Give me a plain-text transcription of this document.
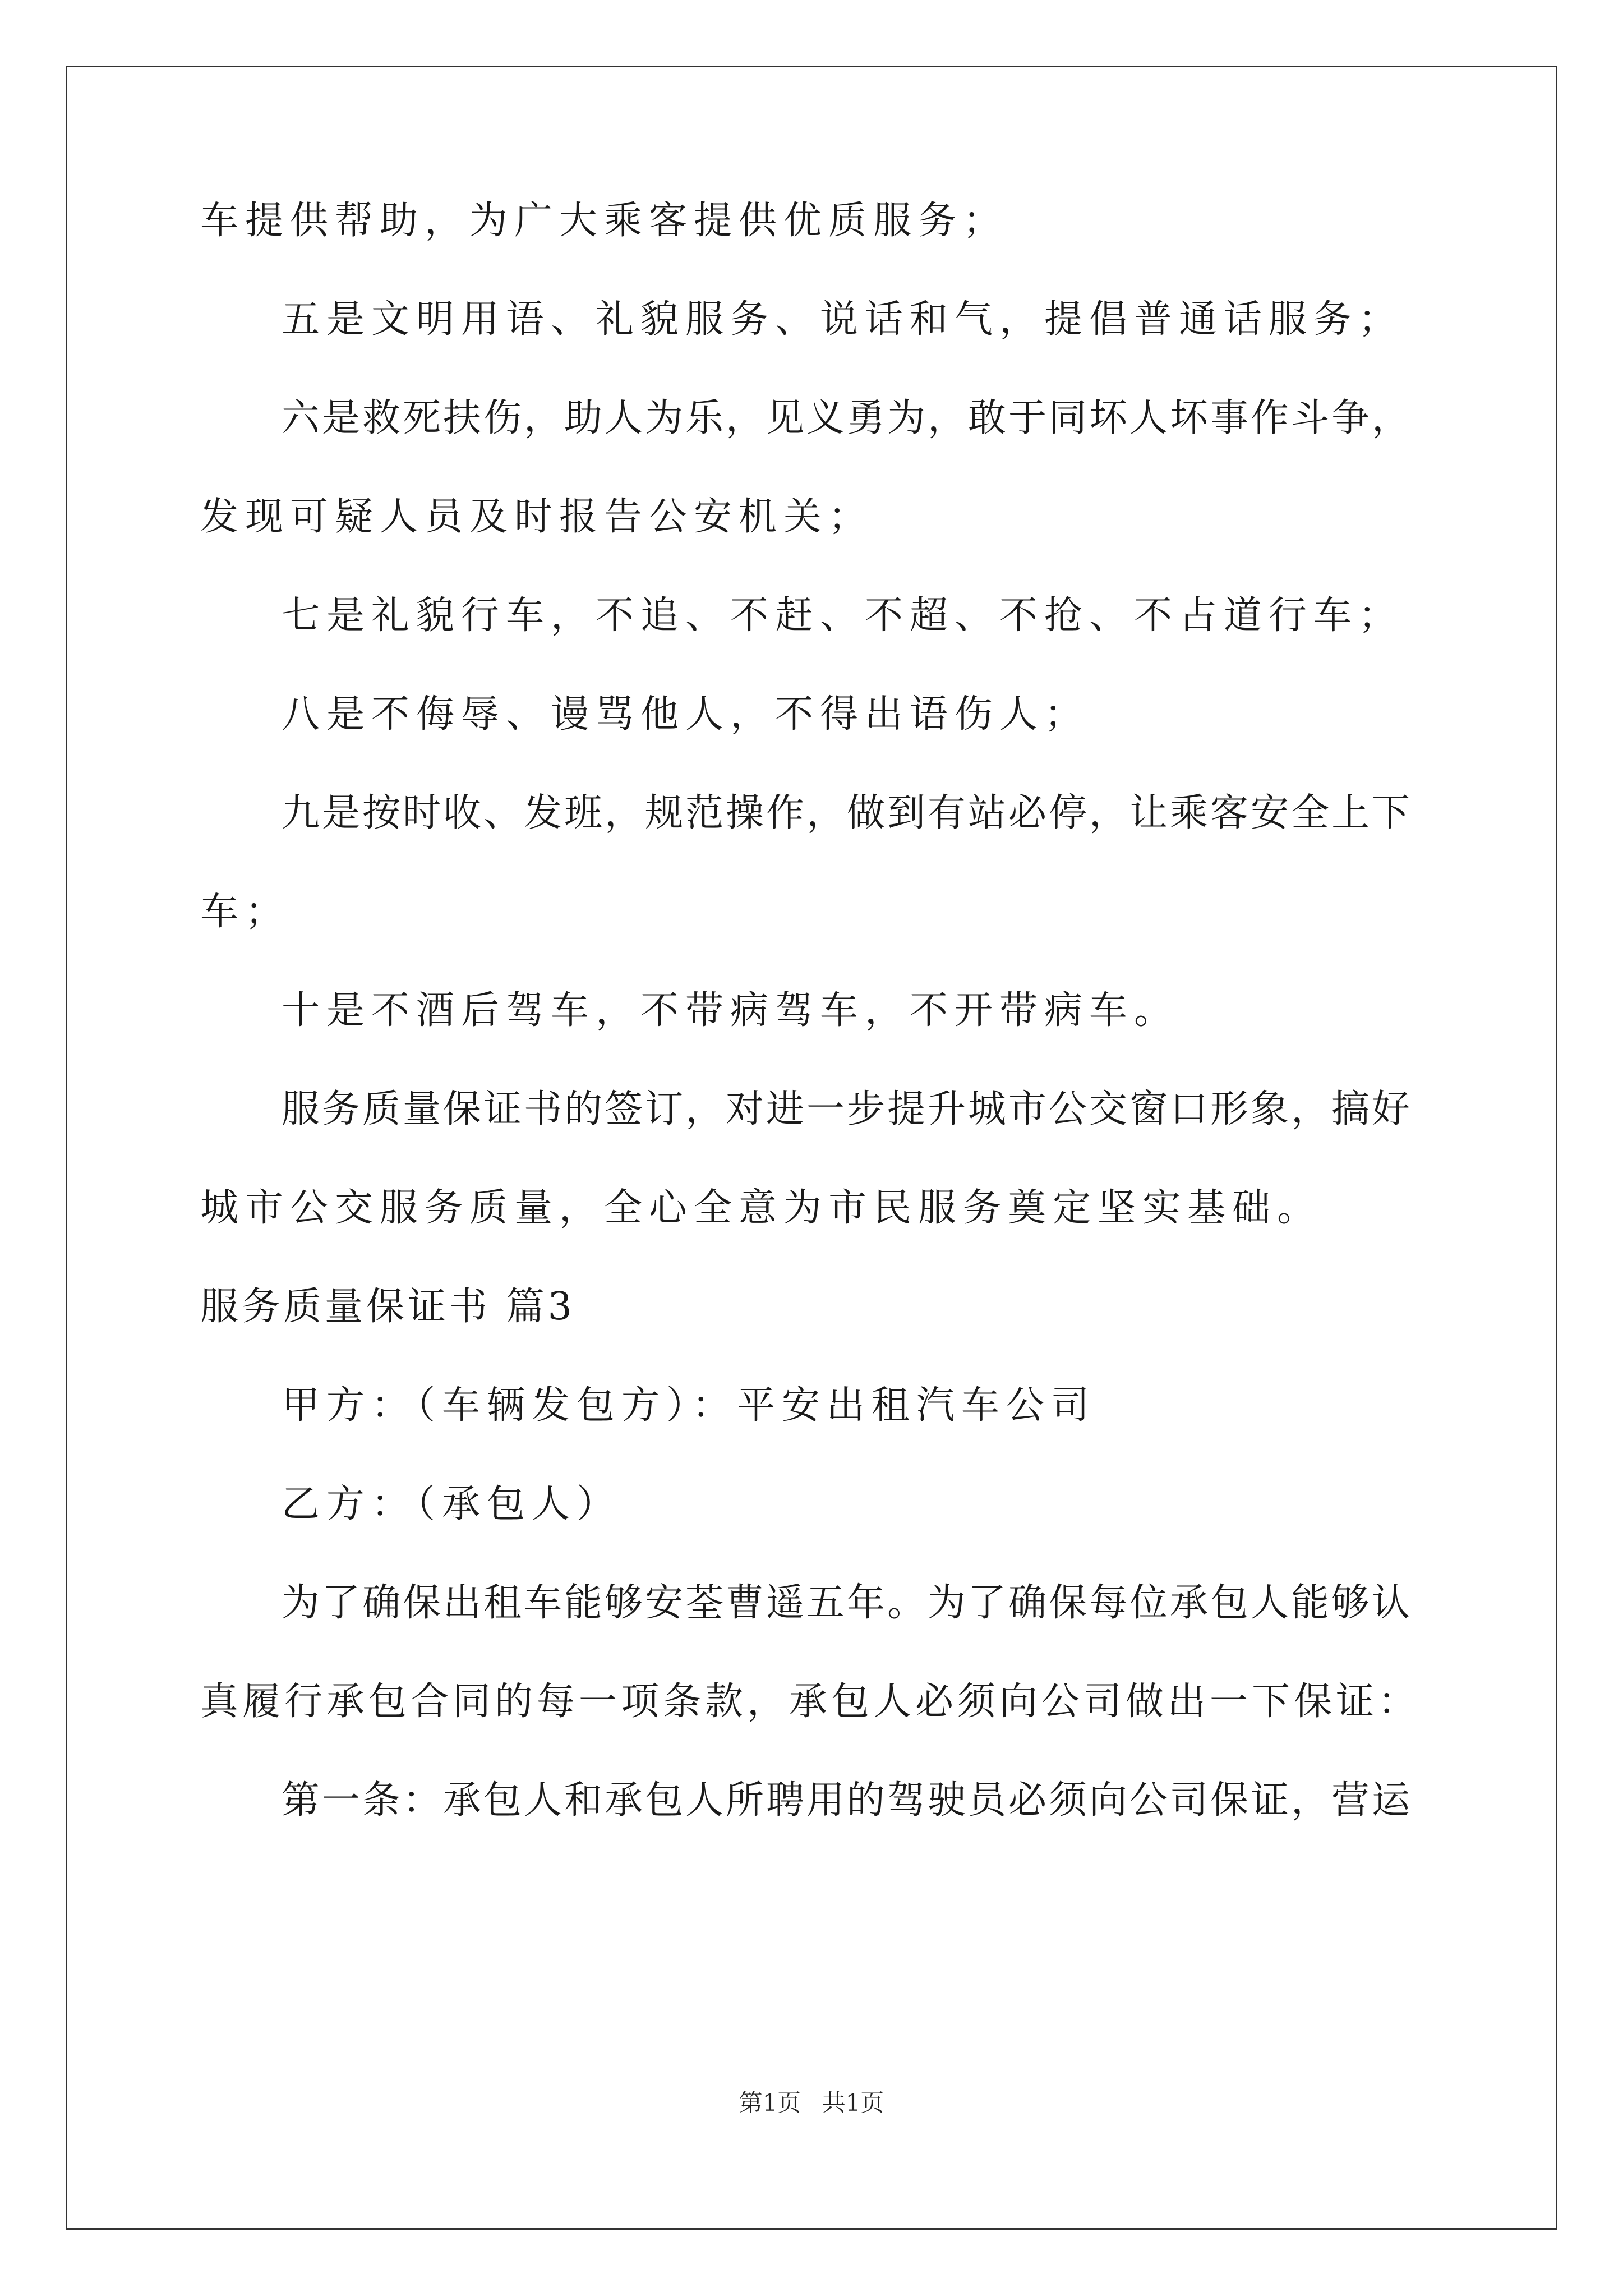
车提供帮助，为广大乘客提供优质服务；
五是文明用语、礼貌服务、说话和气，提倡普通话服务；
六是救死扶伤，助人为乐，见义勇为，敢于同坏人坏事作斗争，
发现可疑人员及时报告公安机关；
七是礼貌行车，不追、不赶、不超、不抢、不占道行车；
八是不侮辱、谩骂他人，不得出语伤人；
九是按时收、发班，规范操作，做到有站必停，让乘客安全上下
车；
十是不酒后驾车，不带病驾车，不开带病车。
服务质量保证书的签订，对进一步提升城市公交窗口形象，搞好
城市公交服务质量，全心全意为市民服务奠定坚实基础。
服务质量保证书 篇3
甲方：（车辆发包方）：平安出租汽车公司
乙方：（承包人）
为了确保出租车能够安荃曹遥五年。为了确保每位承包人能够认
真履行承包合同的每一项条款，承包人必须向公司做出一下保证：
第一条：承包人和承包人所聘用的驾驶员必须向公司保证，营运
第1页 共1页
